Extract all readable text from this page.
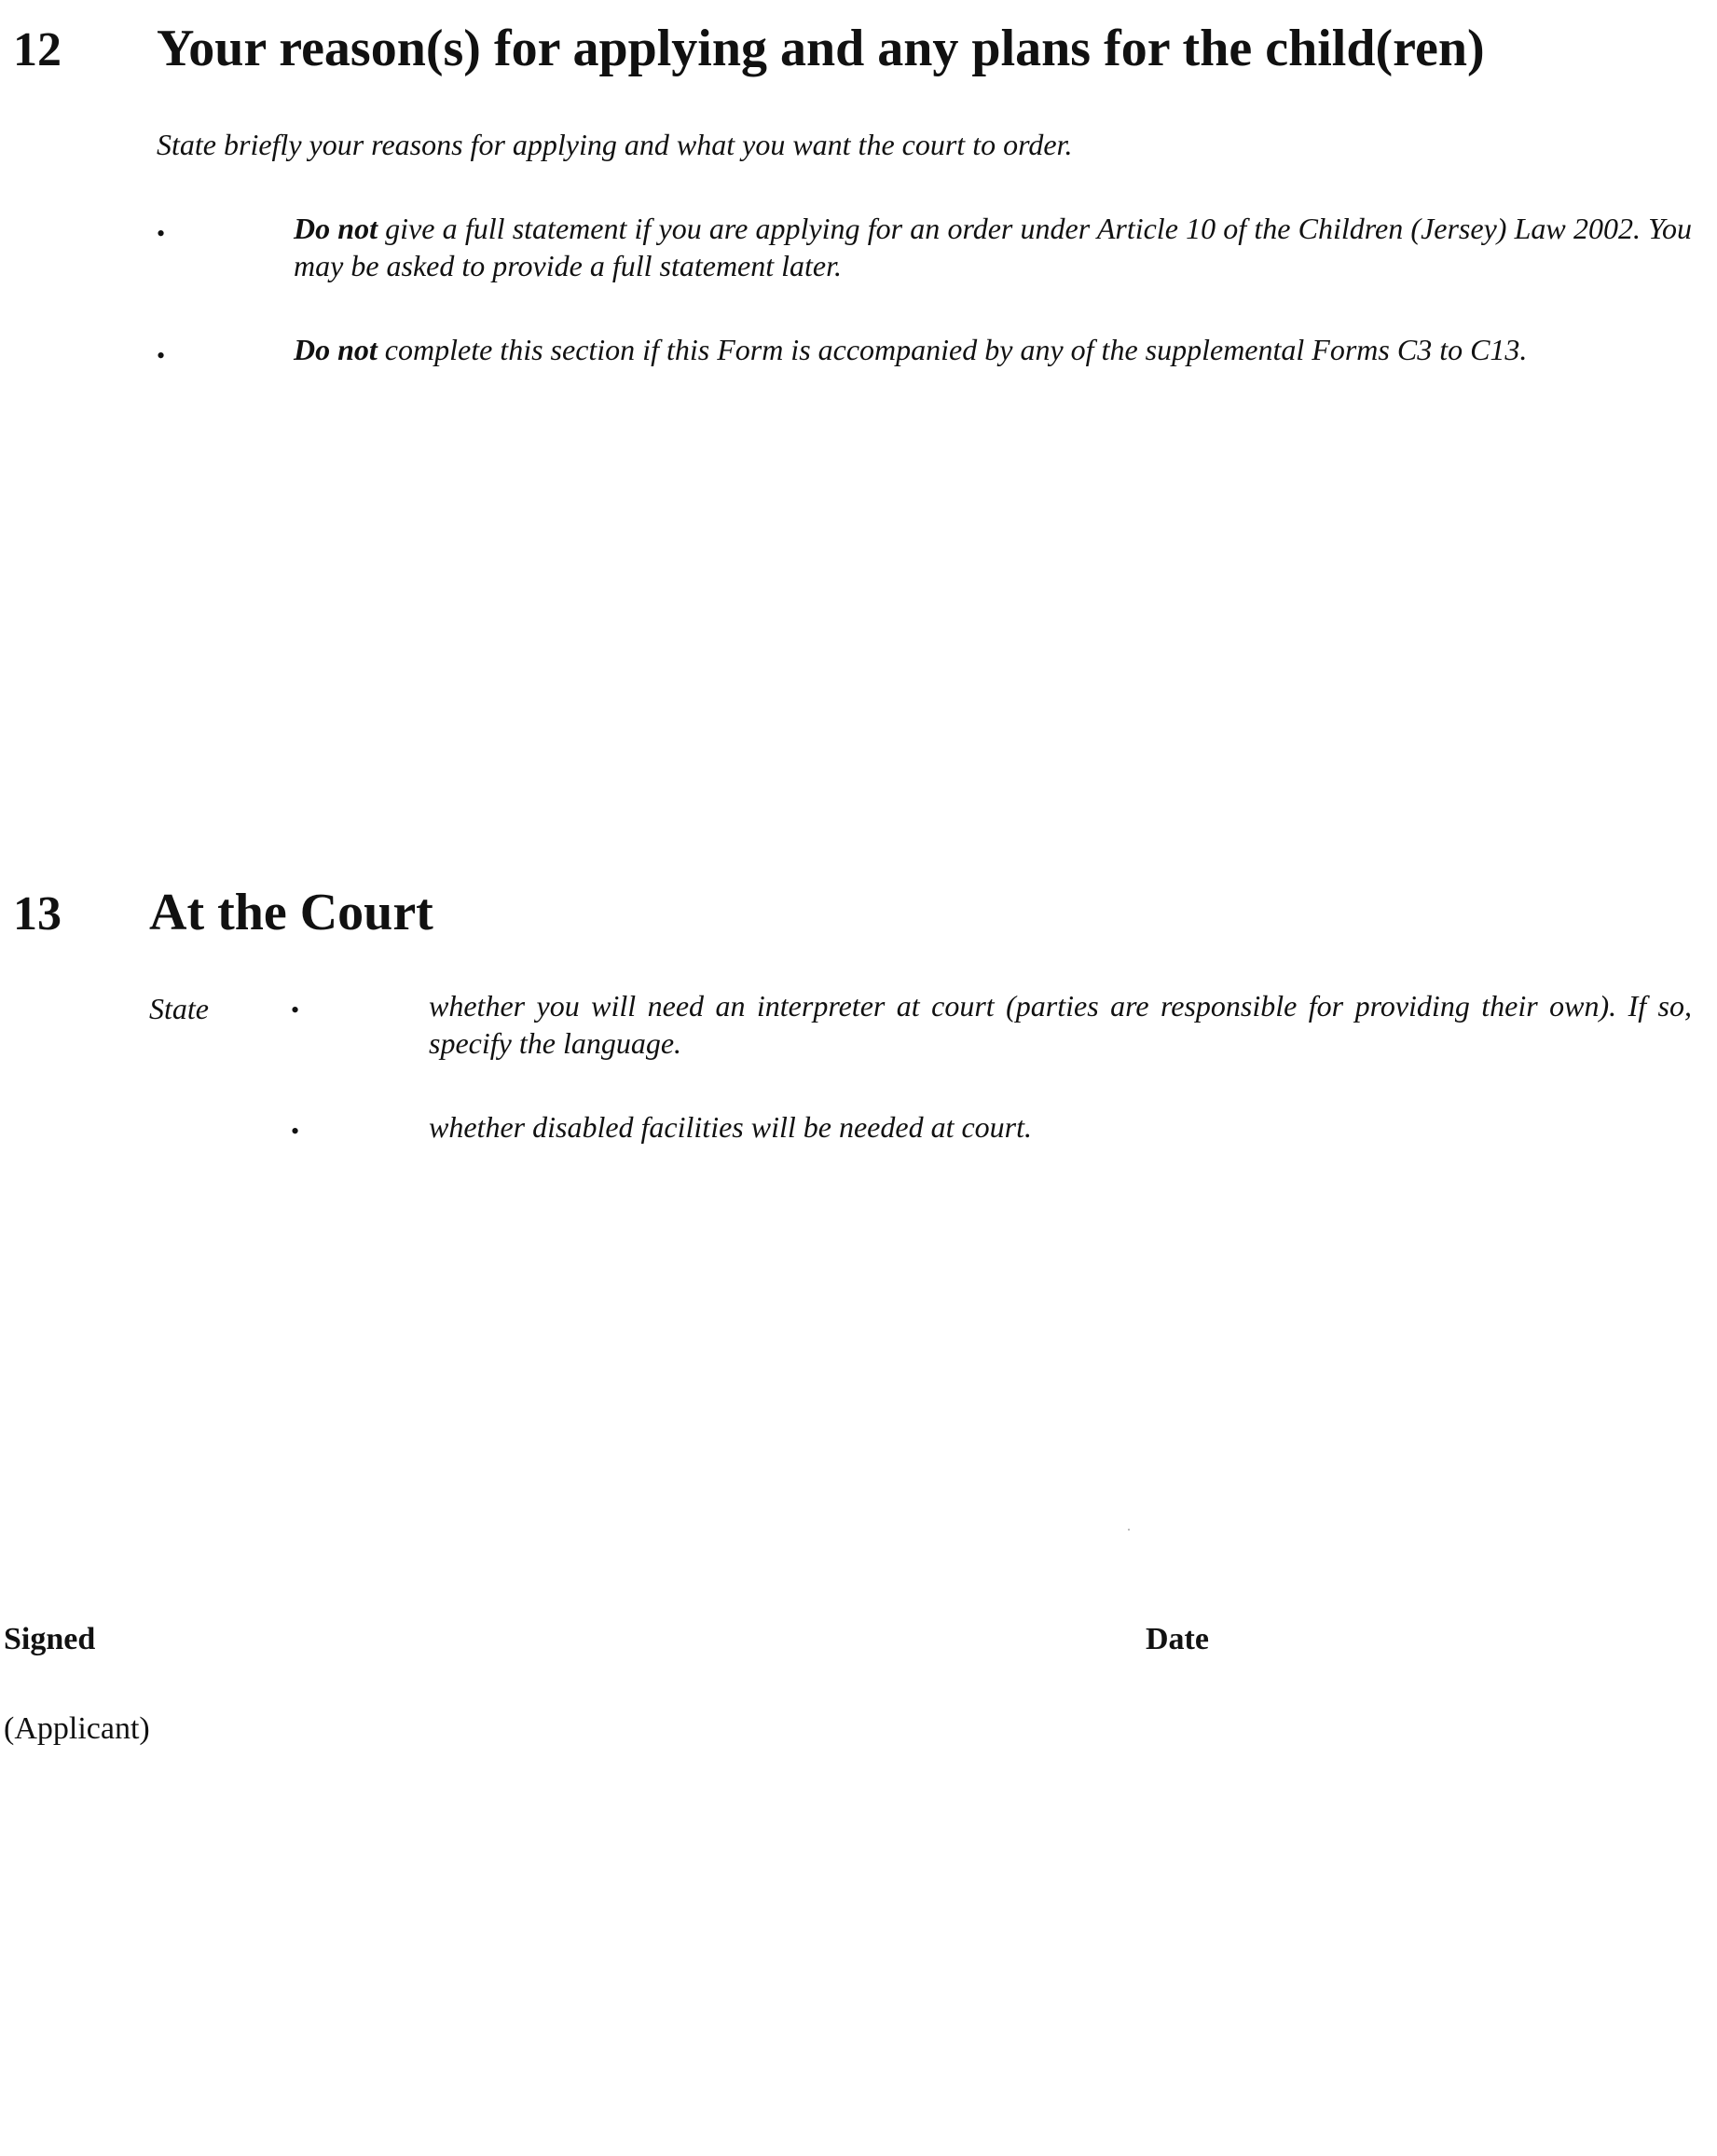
12 Your reason(s) for applying and any plans for the child(ren)
State briefly your reasons for applying and what you want the court to order.
•	Do not give a full statement if you are applying for an order under Article 10 of the Children (Jersey) Law 2002. You may be asked to provide a full statement later.
•	Do not complete this section if this Form is accompanied by any of the supplemental Forms C3 to C13.
13 At the Court
State	•	whether you will need an interpreter at court (parties are responsible for providing their own). If so, specify the language.
•	whether disabled facilities will be needed at court.
Signed	Date
(Applicant)
